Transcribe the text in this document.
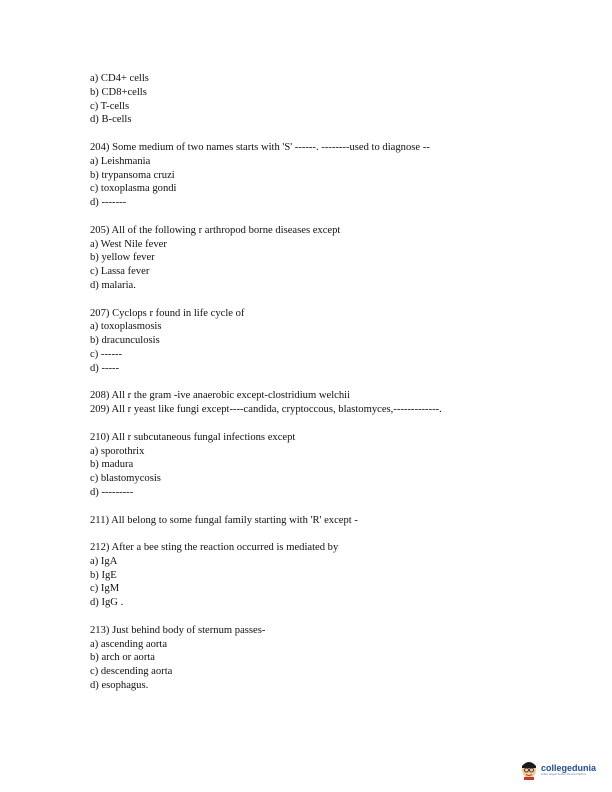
a) CD4+ cells

b) CD8+cells

c) T-cells

d) B-cells

204) Some medium of two names starts with 'S' ------. --------used to diagnose --

a) Leishmania

b) trypansoma cruzi

c) toxoplasma gondi

d) -------

205) All of the following r arthropod borne diseases except

a) West Nile fever

b) yellow fever

c) Lassa fever

d) malaria.

207) Cyclops r found in life cycle of

a) toxoplasmosis

b) dracunculosis

c) ------

d) -----

208) All r the gram -ive anaerobic except-clostridium welchii

209) All r yeast like fungi except----candida, cryptoccous, blastomyces,-------------.

210) All r subcutaneous fungal infections except

a) sporothrix

b) madura

c) blastomycosis

d) ---------

211) All belong to some fungal family starting with 'R' except -

212) After a bee sting the reaction occurred is mediated by

a) IgA

b) IgE

c) IgM

d) IgG .

213) Just behind body of sternum passes-

a) ascending aorta

b) arch or aorta

c) descending aorta

d) esophagus.

collegedunia
India's largest Student Review Platform
